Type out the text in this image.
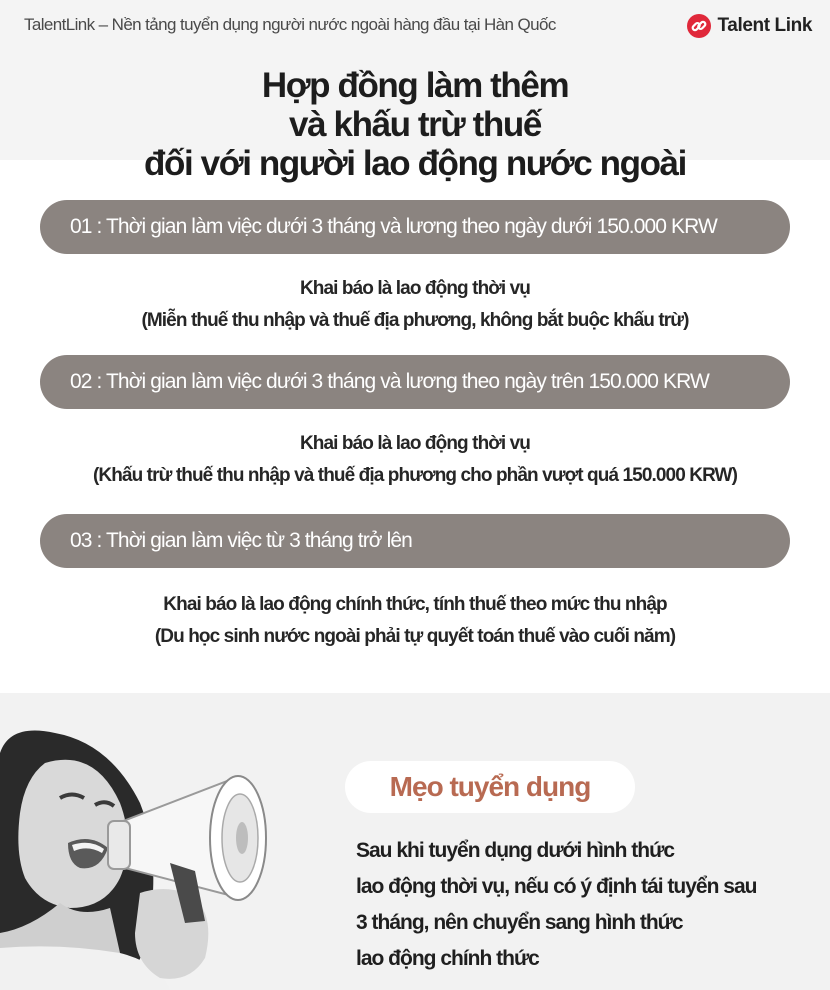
TalentLink – Nền tảng tuyển dụng người nước ngoài hàng đầu tại Hàn Quốc	Talent Link
Hợp đồng làm thêm
và khấu trừ thuế
đối với người lao động nước ngoài
01 : Thời gian làm việc dưới 3 tháng và lương theo ngày dưới 150.000 KRW
Khai báo là lao động thời vụ
(Miễn thuế thu nhập và thuế địa phương, không bắt buộc khấu trừ)
02 : Thời gian làm việc dưới 3 tháng và lương theo ngày trên 150.000 KRW
Khai báo là lao động thời vụ
(Khấu trừ thuế thu nhập và thuế địa phương cho phần vượt quá 150.000 KRW)
03 : Thời gian làm việc từ 3 tháng trở lên
Khai báo là lao động chính thức, tính thuế theo mức thu nhập
(Du học sinh nước ngoài phải tự quyết toán thuế vào cuối năm)
Mẹo tuyển dụng
Sau khi tuyển dụng dưới hình thức
lao động thời vụ, nếu có ý định tái tuyển sau
3 tháng, nên chuyển sang hình thức
lao động chính thức
